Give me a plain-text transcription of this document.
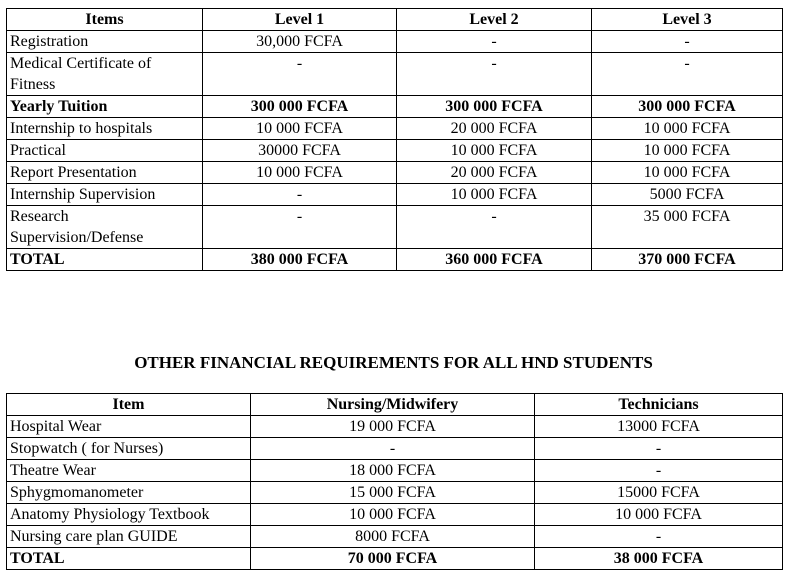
Items	Level 1	Level 2	Level 3
Registration	30,000 FCFA	-	-
Medical Certificate of Fitness	-	-	-
Yearly Tuition	300 000 FCFA	300 000 FCFA	300 000 FCFA
Internship to hospitals	10 000 FCFA	20 000 FCFA	10 000 FCFA
Practical	30000 FCFA	10 000 FCFA	10 000 FCFA
Report Presentation	10 000 FCFA	20 000 FCFA	10 000 FCFA
Internship Supervision	-	10 000 FCFA	5000 FCFA
Research Supervision/Defense	-	-	35 000 FCFA
TOTAL	380 000 FCFA	360 000 FCFA	370 000 FCFA
OTHER FINANCIAL REQUIREMENTS FOR ALL HND STUDENTS
Item	Nursing/Midwifery	Technicians
Hospital Wear	19 000 FCFA	13000 FCFA
Stopwatch ( for Nurses)	-	-
Theatre Wear	18 000 FCFA	-
Sphygmomanometer	15 000 FCFA	15000 FCFA
Anatomy Physiology Textbook	10 000 FCFA	10 000 FCFA
Nursing care plan GUIDE	8000 FCFA	-
TOTAL	70 000 FCFA	38 000 FCFA
